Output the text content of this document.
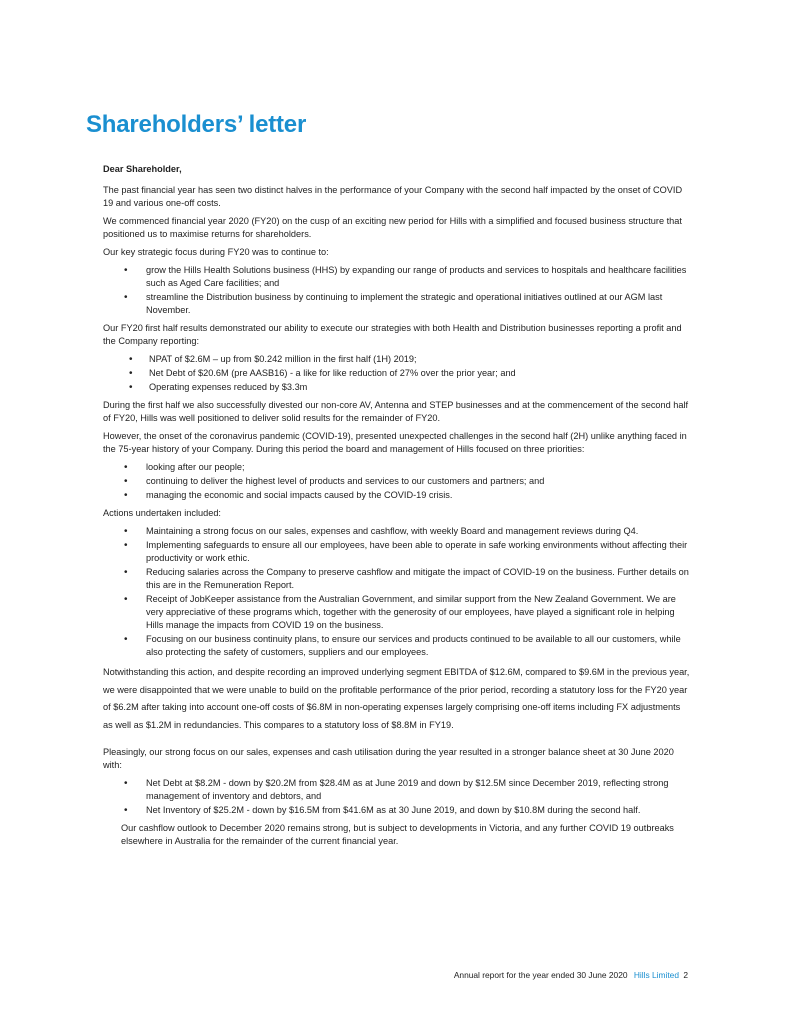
Shareholders’ letter

Dear Shareholder,

The past financial year has seen two distinct halves in the performance of your Company with the second half impacted by the onset of COVID 19 and various one-off costs.

We commenced financial year 2020 (FY20) on the cusp of an exciting new period for Hills with a simplified and focused business structure that positioned us to maximise returns for shareholders.

Our key strategic focus during FY20 was to continue to:

• grow the Hills Health Solutions business (HHS) by expanding our range of products and services to hospitals and healthcare facilities such as Aged Care facilities; and
• streamline the Distribution business by continuing to implement the strategic and operational initiatives outlined at our AGM last November.

Our FY20 first half results demonstrated our ability to execute our strategies with both Health and Distribution businesses reporting a profit and the Company reporting:

• NPAT of $2.6M – up from $0.242 million in the first half (1H) 2019;
• Net Debt of $20.6M (pre AASB16) - a like for like reduction of 27% over the prior year; and
• Operating expenses reduced by $3.3m

During the first half we also successfully divested our non-core AV, Antenna and STEP businesses and at the commencement of the second half of FY20, Hills was well positioned to deliver solid results for the remainder of FY20.

However, the onset of the coronavirus pandemic (COVID-19), presented unexpected challenges in the second half (2H) unlike anything faced in the 75-year history of your Company. During this period the board and management of Hills focused on three priorities:

• looking after our people;
• continuing to deliver the highest level of products and services to our customers and partners; and
• managing the economic and social impacts caused by the COVID-19 crisis.

Actions undertaken included:

• Maintaining a strong focus on our sales, expenses and cashflow, with weekly Board and management reviews during Q4.
• Implementing safeguards to ensure all our employees, have been able to operate in safe working environments without affecting their productivity or work ethic.
• Reducing salaries across the Company to preserve cashflow and mitigate the impact of COVID-19 on the business. Further details on this are in the Remuneration Report.
• Receipt of JobKeeper assistance from the Australian Government, and similar support from the New Zealand Government. We are very appreciative of these programs which, together with the generosity of our employees, have played a significant role in helping Hills manage the impacts from COVID 19 on the business.
• Focusing on our business continuity plans, to ensure our services and products continued to be available to all our customers, while also protecting the safety of customers, suppliers and our employees.

Notwithstanding this action, and despite recording an improved underlying segment EBITDA of $12.6M, compared to $9.6M in the previous year, we were disappointed that we were unable to build on the profitable performance of the prior period, recording a statutory loss for the FY20 year of $6.2M after taking into account one-off costs of $6.8M in non-operating expenses largely comprising one-off items including FX adjustments as well as $1.2M in redundancies. This compares to a statutory loss of $8.8M in FY19.

Pleasingly, our strong focus on our sales, expenses and cash utilisation during the year resulted in a stronger balance sheet at 30 June 2020 with:

• Net Debt at $8.2M - down by $20.2M from $28.4M as at June 2019 and down by $12.5M since December 2019, reflecting strong management of inventory and debtors, and
• Net Inventory of $25.2M - down by $16.5M from $41.6M as at 30 June 2019, and down by $10.8M during the second half.

Our cashflow outlook to December 2020 remains strong, but is subject to developments in Victoria, and any further COVID 19 outbreaks elsewhere in Australia for the remainder of the current financial year.

Annual report for the year ended 30 June 2020 Hills Limited 2
